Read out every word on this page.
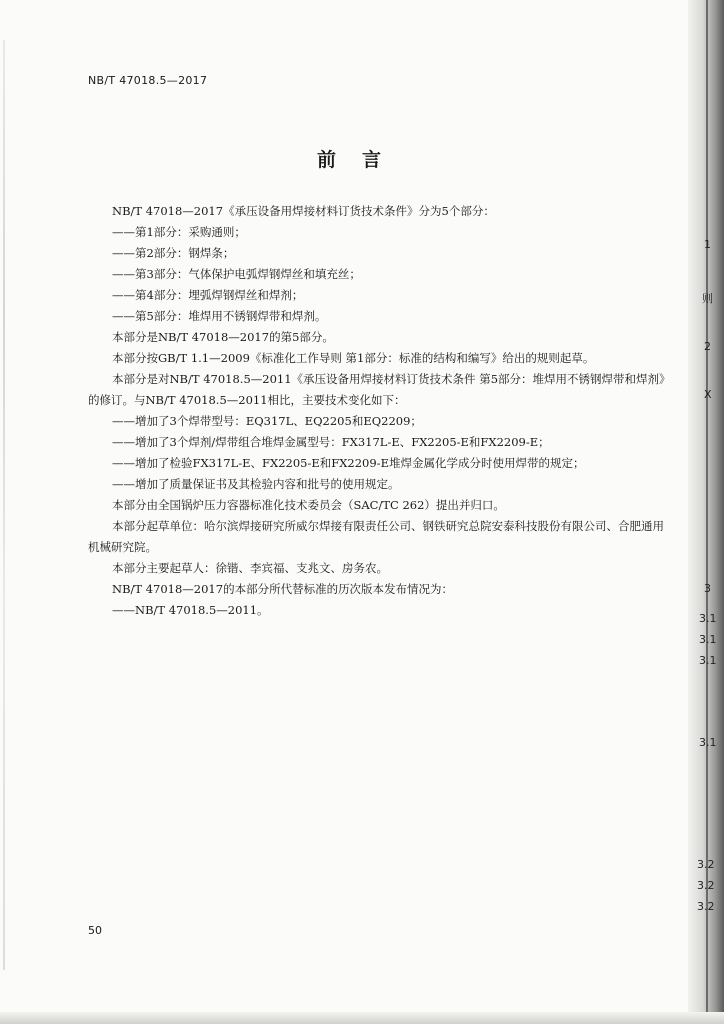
NB/T 47018.5—2017
前言

NB/T 47018—2017《承压设备用焊接材料订货技术条件》分为5个部分：

——第1部分：采购通则；

——第2部分：钢焊条；

——第3部分：气体保护电弧焊钢焊丝和填充丝；

——第4部分：埋弧焊钢焊丝和焊剂；

——第5部分：堆焊用不锈钢焊带和焊剂。

本部分是NB/T 47018—2017的第5部分。

本部分按GB/T 1.1—2009《标准化工作导则 第1部分：标准的结构和编写》给出的规则起草。

本部分是对NB/T 47018.5—2011《承压设备用焊接材料订货技术条件 第5部分：堆焊用不锈钢焊带和焊剂》的修订。与NB/T 47018.5—2011相比，主要技术变化如下：

——增加了3个焊带型号：EQ317L、EQ2205和EQ2209；

——增加了3个焊剂/焊带组合堆焊金属型号：FX317L-E、FX2205-E和FX2209-E；

——增加了检验FX317L-E、FX2205-E和FX2209-E堆焊金属化学成分时使用焊带的规定；

——增加了质量保证书及其检验内容和批号的使用规定。

本部分由全国锅炉压力容器标准化技术委员会（SAC/TC 262）提出并归口。

本部分起草单位：哈尔滨焊接研究所威尔焊接有限责任公司、钢铁研究总院安泰科技股份有限公司、合肥通用机械研究院。

本部分主要起草人：徐锴、李宾福、支兆文、房务农。

NB/T 47018—2017的本部分所代替标准的历次版本发布情况为：

——NB/T 47018.5—2011。

50
1
则
2
X
3
3.1
3.1
3.1
3.1
3.2
3.2
3.2
